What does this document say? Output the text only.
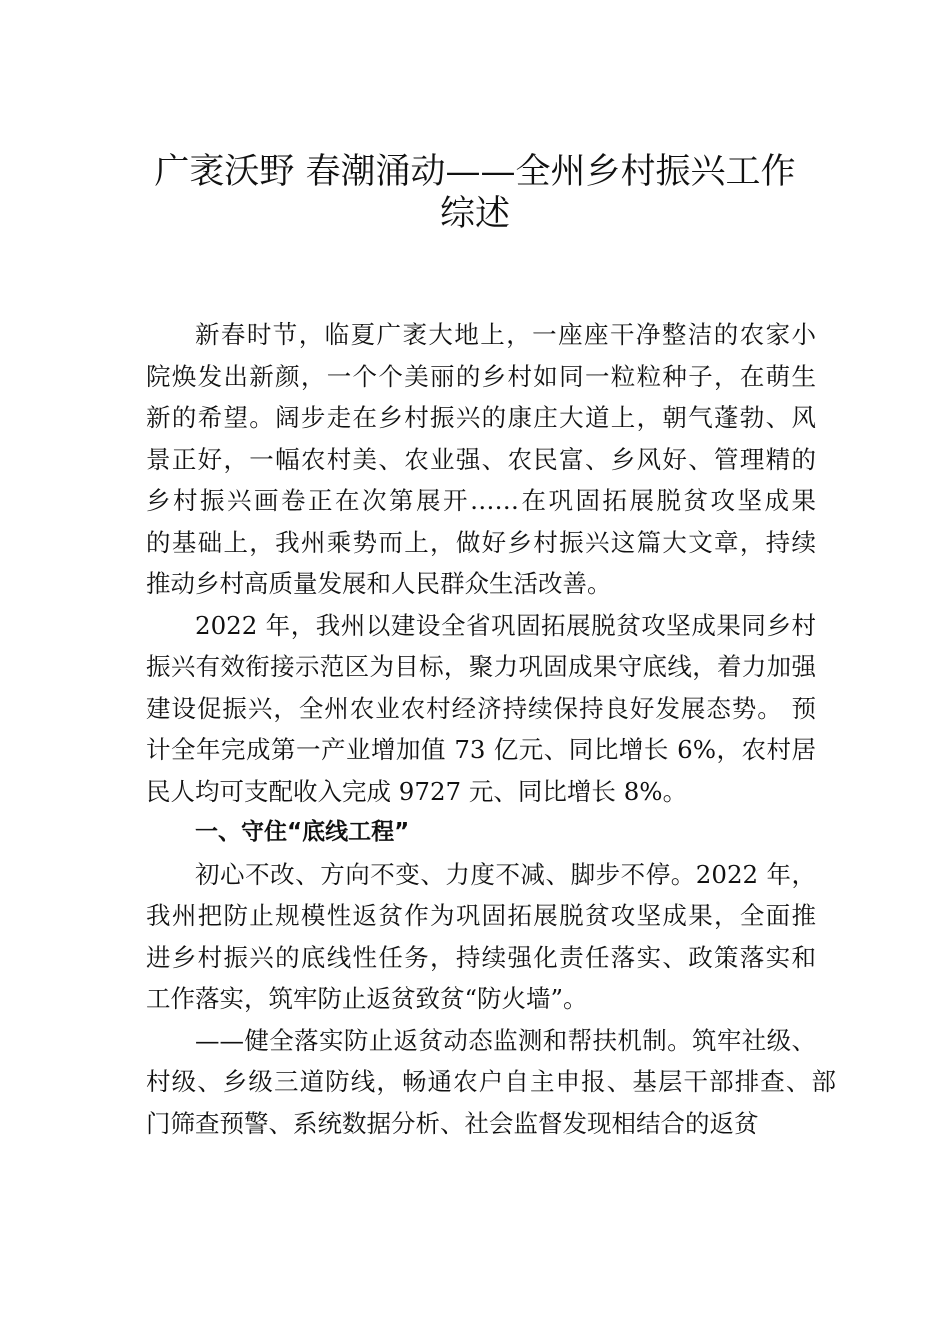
广袤沃野 春潮涌动——全州乡村振兴工作
综述
新春时节，临夏广袤大地上，一座座干净整洁的农家小
院焕发出新颜，一个个美丽的乡村如同一粒粒种子，在萌生
新的希望。阔步走在乡村振兴的康庄大道上，朝气蓬勃、风
景正好，一幅农村美、农业强、农民富、乡风好、管理精的
乡村振兴画卷正在次第展开……在巩固拓展脱贫攻坚成果
的基础上，我州乘势而上，做好乡村振兴这篇大文章，持续
推动乡村高质量发展和人民群众生活改善。
2022 年，我州以建设全省巩固拓展脱贫攻坚成果同乡村
振兴有效衔接示范区为目标，聚力巩固成果守底线，着力加强
建设促振兴，全州农业农村经济持续保持良好发展态势。 预
计全年完成第一产业增加值 73 亿元、同比增长 6%，农村居
民人均可支配收入完成 9727 元、同比增长 8%。
一、守住“底线工程”
初心不改、方向不变、力度不减、脚步不停。2022 年，
我州把防止规模性返贫作为巩固拓展脱贫攻坚成果，全面推
进乡村振兴的底线性任务，持续强化责任落实、政策落实和
工作落实，筑牢防止返贫致贫“防火墙”。
——健全落实防止返贫动态监测和帮扶机制。筑牢社级、
村级、乡级三道防线，畅通农户自主申报、基层干部排查、部
门筛查预警、系统数据分析、社会监督发现相结合的返贫
